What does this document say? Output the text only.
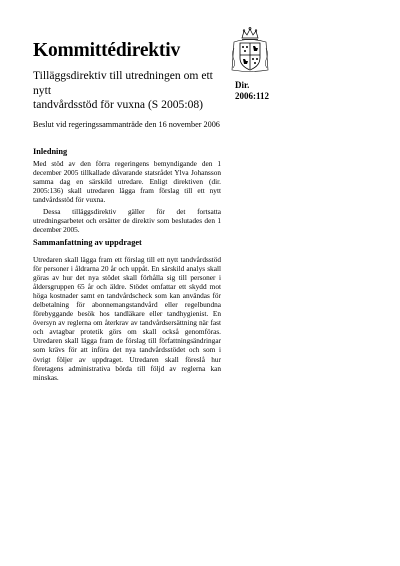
Kommittédirektiv
Tilläggsdirektiv till utredningen om ett nytt
tandvårdsstöd för vuxna (S 2005:08)
Dir.
2006:112
Beslut vid regeringssammanträde den 16 november 2006
Inledning
Med stöd av den förra regeringens bemyndigande den 1 december 2005 tillkallade dåvarande statsrådet Ylva Johansson samma dag en särskild utredare. Enligt direktiven (dir. 2005:136) skall utredaren lägga fram förslag till ett nytt tandvårdsstöd för vuxna.
Dessa tilläggsdirektiv gäller för det fortsatta utredningsarbetet och ersätter de direktiv som beslutades den 1 december 2005.
Sammanfattning av uppdraget
Utredaren skall lägga fram ett förslag till ett nytt tandvårdsstöd för personer i åldrarna 20 år och uppåt. En särskild analys skall göras av hur det nya stödet skall förhålla sig till personer i åldersgruppen 65 år och äldre. Stödet omfattar ett skydd mot höga kostnader samt en tandvårdscheck som kan användas för delbetalning för abonnemangstandvård eller regelbundna förebyggande besök hos tandläkare eller tandhygienist. En översyn av reglerna om återkrav av tandvårdsersättning när fast och avtagbar protetik görs om skall också genomföras. Utredaren skall lägga fram de förslag till författningsändringar som krävs för att införa det nya tandvårdsstödet och som i övrigt följer av uppdraget. Utredaren skall föreslå hur företagens administrativa börda till följd av reglerna kan minskas.
